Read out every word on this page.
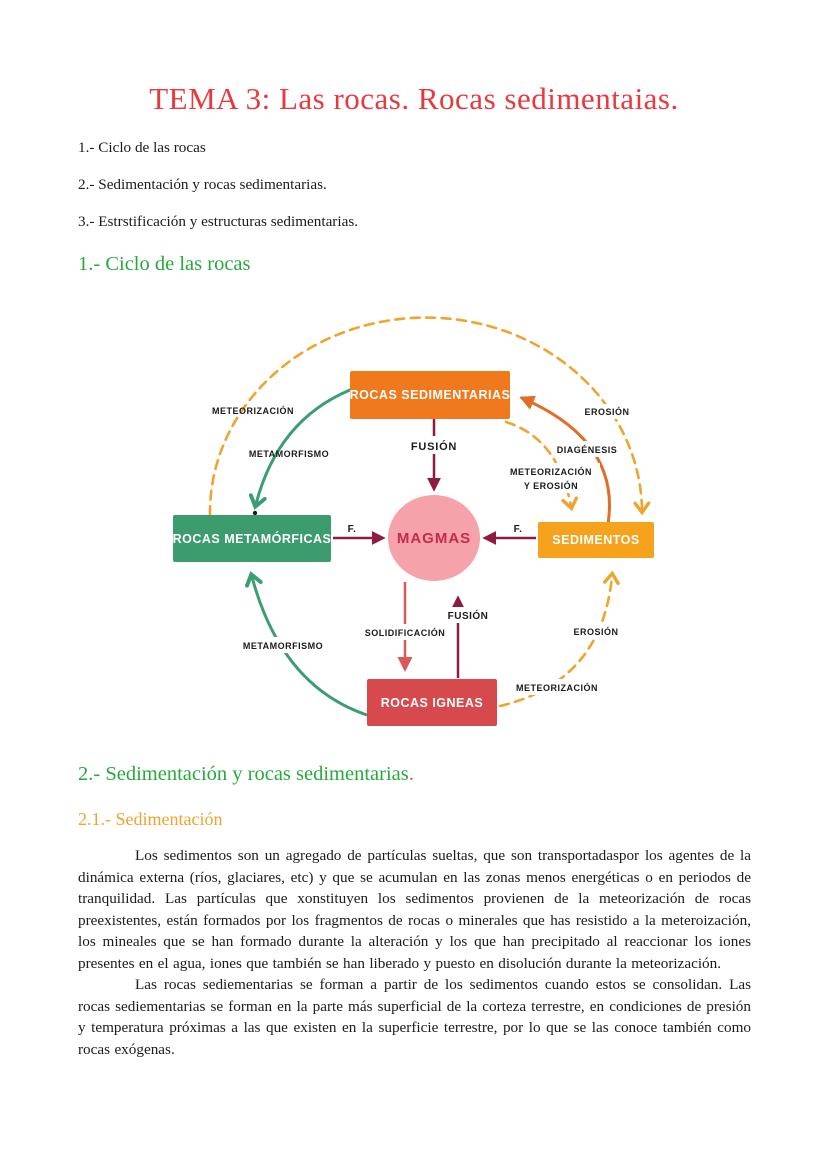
TEMA 3: Las rocas. Rocas sedimentaias.
1.- Ciclo de las rocas
2.- Sedimentación y rocas sedimentarias.
3.- Estrstificación y estructuras sedimentarias.
1.- Ciclo de las rocas
ROCAS SEDIMENTARIAS
ROCAS METAMÓRFICAS	SEDIMENTOS
ROCAS IGNEAS
MAGMAS
METEORIZACIÓN
METAMORFISMO
FUSIÓN
EROSIÓN
DIAGÉNESIS
METEORIZACIÓN
Y EROSIÓN
F.	F.
SOLIDIFICACIÓN
FUSIÓN
METAMORFISMO
EROSIÓN
METEORIZACIÓN
2.- Sedimentación y rocas sedimentarias.
2.1.- Sedimentación

Los sedimentos son un agregado de partículas sueltas, que son transportadaspor los agentes de la dinámica externa (ríos, glaciares, etc) y que se acumulan en las zonas menos energéticas o en periodos de tranquilidad. Las partículas que xonstituyen los sedimentos provienen de la meteorización de rocas preexistentes, están formados por los fragmentos de rocas o minerales que has resistido a la meteroización, los mineales que se han formado durante la alteración y los que han precipitado al reaccionar los iones presentes en el agua, iones que también se han liberado y puesto en disolución durante la meteorización.

Las rocas sediementarias se forman a partir de los sedimentos cuando estos se consolidan. Las rocas sediementarias se forman en la parte más superficial de la corteza terrestre, en condiciones de presión y temperatura próximas a las que existen en la superficie terrestre, por lo que se las conoce también como rocas exógenas.
